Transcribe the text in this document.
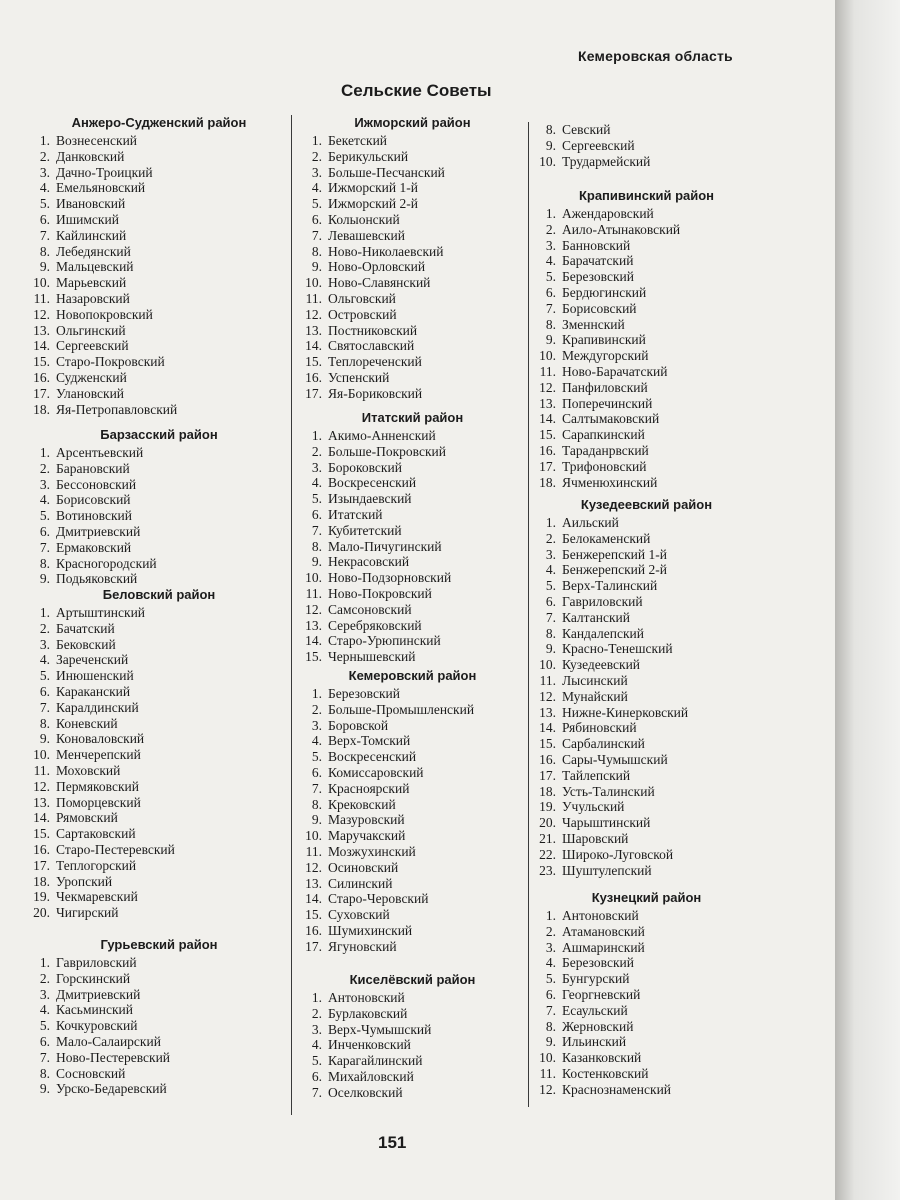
Кемеровская область
Сельские Советы
Анжеро-Судженский район
1. Вознесенский
2. Данковский
3. Дачно-Троицкий
4. Емельяновский
5. Ивановский
6. Ишимский
7. Кайлинский
8. Лебедянский
9. Мальцевский
10. Марьевский
11. Назаровский
12. Новопокровский
13. Ольгинский
14. Сергеевский
15. Старо-Покровский
16. Судженский
17. Улановский
18. Яя-Петропавловский
Барзасский район
1. Арсентьевский
2. Барановский
3. Бессоновский
4. Борисовский
5. Вотиновский
6. Дмитриевский
7. Ермаковский
8. Красногородский
9. Подьяковский
Беловский район
1. Артыштинский
2. Бачатский
3. Бековский
4. Зареченский
5. Инюшенский
6. Караканский
7. Каралдинский
8. Коневский
9. Коноваловский
10. Менчерепский
11. Моховский
12. Пермяковский
13. Поморцевский
14. Рямовский
15. Сартаковский
16. Старо-Пестеревский
17. Теплогорский
18. Уропский
19. Чекмаревский
20. Чигирский
Гурьевский район
1. Гавриловский
2. Горскинский
3. Дмитриевский
4. Касьминский
5. Кочкуровский
6. Мало-Салаирский
7. Ново-Пестеревский
8. Сосновский
9. Урско-Бедаревский
Ижморский район
1. Бекетский
2. Берикульский
3. Больше-Песчанский
4. Ижморский 1-й
5. Ижморский 2-й
6. Колыонский
7. Левашевский
8. Ново-Николаевский
9. Ново-Орловский
10. Ново-Славянский
11. Ольговский
12. Островский
13. Постниковский
14. Святославский
15. Теплореченский
16. Успенский
17. Яя-Бориковский
Итатский район
1. Акимо-Анненский
2. Больше-Покровский
3. Бороковский
4. Воскресенский
5. Изындаевский
6. Итатский
7. Кубитетский
8. Мало-Пичугинский
9. Некрасовский
10. Ново-Подзорновский
11. Ново-Покровский
12. Самсоновский
13. Серебряковский
14. Старо-Урюпинский
15. Чернышевский
Кемеровский район
1. Березовский
2. Больше-Промышленский
3. Боровской
4. Верх-Томский
5. Воскресенский
6. Комиссаровский
7. Красноярский
8. Крековский
9. Мазуровский
10. Маручакский
11. Мозжухинский
12. Осиновский
13. Силинский
14. Старо-Черовский
15. Суховский
16. Шумихинский
17. Ягуновский
Киселёвский район
1. Антоновский
2. Бурлаковский
3. Верх-Чумышский
4. Инченковский
5. Карагайлинский
6. Михайловский
7. Оселковский
8. Севский
9. Сергеевский
10. Трудармейский
Крапивинский район
1. Ажендаровский
2. Аило-Атынаковский
3. Банновский
4. Барачатский
5. Березовский
6. Бердюгинский
7. Борисовский
8. Зменнский
9. Крапивинский
10. Междугорский
11. Ново-Барачатский
12. Панфиловский
13. Поперечинский
14. Салтымаковский
15. Сарапкинский
16. Тараданрвский
17. Трифоновский
18. Ячменюхинский
Кузедеевский район
1. Аильский
2. Белокаменский
3. Бенжерепский 1-й
4. Бенжерепский 2-й
5. Верх-Талинский
6. Гавриловский
7. Калтанский
8. Кандалепский
9. Красно-Тенешский
10. Кузедеевский
11. Лысинский
12. Мунайский
13. Нижне-Кинерковский
14. Рябиновский
15. Сарбалинский
16. Сары-Чумышский
17. Тайлепский
18. Усть-Талинский
19. Учульский
20. Чарыштинский
21. Шаровский
22. Широко-Луговской
23. Шуштулепский
Кузнецкий район
1. Антоновский
2. Атамановский
3. Ашмаринский
4. Березовский
5. Бунгурский
6. Георгневский
7. Есаульский
8. Жерновский
9. Ильинский
10. Казанковский
11. Костенковский
12. Краснознаменский
151
